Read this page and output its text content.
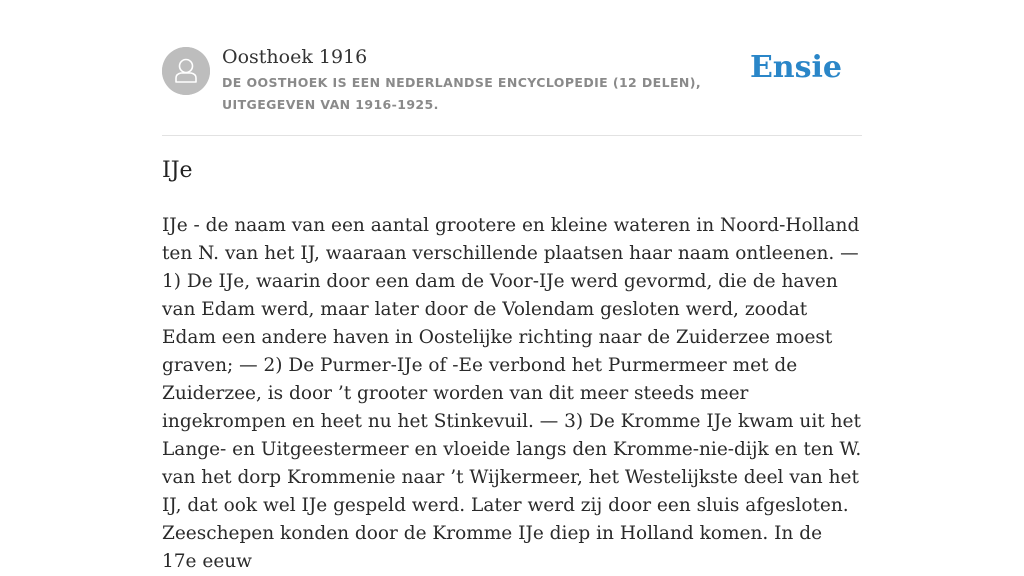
Oosthoek 1916
DE OOSTHOEK IS EEN NEDERLANDSE ENCYCLOPEDIE (12 DELEN), UITGEGEVEN VAN 1916-1925.
Ensie
IJe

IJe - de naam van een aantal grootere en kleine wateren in Noord-Holland ten N. van het IJ, waaraan verschillende plaatsen haar naam ontleenen. — 1) De IJe, waarin door een dam de Voor-IJe werd gevormd, die de haven van Edam werd, maar later door de Volendam gesloten werd, zoodat Edam een andere haven in Oostelijke richting naar de Zuiderzee moest graven; — 2) De Purmer-IJe of -Ee verbond het Purmermeer met de Zuiderzee, is door ’t grooter worden van dit meer steeds meer ingekrompen en heet nu het Stinkevuil. — 3) De Kromme IJe kwam uit het Lange- en Uitgeestermeer en vloeide langs den Kromme-nie-dijk en ten W. van het dorp Krommenie naar ’t Wijkermeer, het Westelijkste deel van het IJ, dat ook wel IJe gespeld werd. Later werd zij door een sluis afgesloten. Zeeschepen konden door de Kromme IJe diep in Holland komen. In de 17e eeuw
